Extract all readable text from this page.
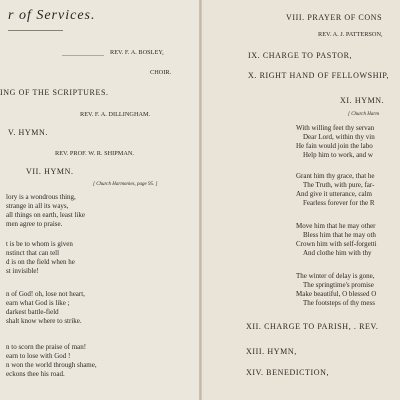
r of Services.
REV. F. A. BOSLEY,
CHOIR.
ING OF THE SCRIPTURES.
REV. F. A. DILLINGHAM.
V. HYMN.
REV. PROF. W. R. SHIPMAN.
VII. HYMN.
[ Church Harmonies, page 95. ]
lory is a wondrous thing,
strange in all its ways,
all things on earth, least like
men agree to praise.
t is be to whom is given
nstinct that can tell
d is on the field when he
st invisible!
n of God! oh, lose not heart,
earn what God is like ;
darkest battle-field
shalt know where to strike.
n to scorn the praise of man!
earn to lose with God !
n won the world through shame,
eckons thee his road.
VIII. PRAYER OF CONS
REV. A. J. PATTERSON,
IX. CHARGE TO PASTOR,
X. RIGHT HAND OF FELLOWSHIP,
XI. HYMN.
[ Church Harm
With willing feet thy servan
Dear Lord, within thy vin
He fain would join the labo
Help him to work, and w
Grant him thy grace, that he
The Truth, with pure, far-
And give it utterance, calm
Fearless forever for the R
Move him that he may other
Bless him that he may oth
Crown him with self-forgetti
And clothe him with thy
The winter of delay is gone,
The springtime's promise
Make beautiful, O blessed O
The footsteps of thy mess
XII. CHARGE TO PARISH, . REV.
XIII. HYMN,
XIV. BENEDICTION,
